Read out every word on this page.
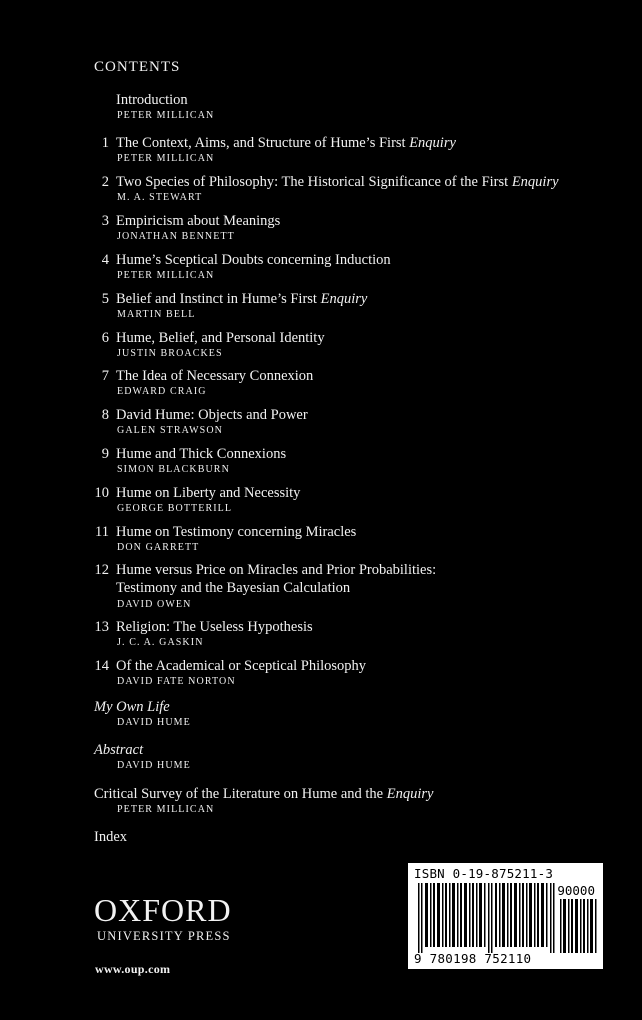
CONTENTS
Introduction
PETER MILLICAN
1 The Context, Aims, and Structure of Hume’s First Enquiry
PETER MILLICAN
2 Two Species of Philosophy: The Historical Significance of the First Enquiry
M. A. STEWART
3 Empiricism about Meanings
JONATHAN BENNETT
4 Hume’s Sceptical Doubts concerning Induction
PETER MILLICAN
5 Belief and Instinct in Hume’s First Enquiry
MARTIN BELL
6 Hume, Belief, and Personal Identity
JUSTIN BROACKES
7 The Idea of Necessary Connexion
EDWARD CRAIG
8 David Hume: Objects and Power
GALEN STRAWSON
9 Hume and Thick Connexions
SIMON BLACKBURN
10 Hume on Liberty and Necessity
GEORGE BOTTERILL
11 Hume on Testimony concerning Miracles
DON GARRETT
12 Hume versus Price on Miracles and Prior Probabilities:
Testimony and the Bayesian Calculation
DAVID OWEN
13 Religion: The Useless Hypothesis
J. C. A. GASKIN
14 Of the Academical or Sceptical Philosophy
DAVID FATE NORTON
My Own Life
DAVID HUME
Abstract
DAVID HUME
Critical Survey of the Literature on Hume and the Enquiry
PETER MILLICAN
Index
OXFORD
UNIVERSITY PRESS
www.oup.com
ISBN 0-19-875211-3
90000
9 780198 752110
